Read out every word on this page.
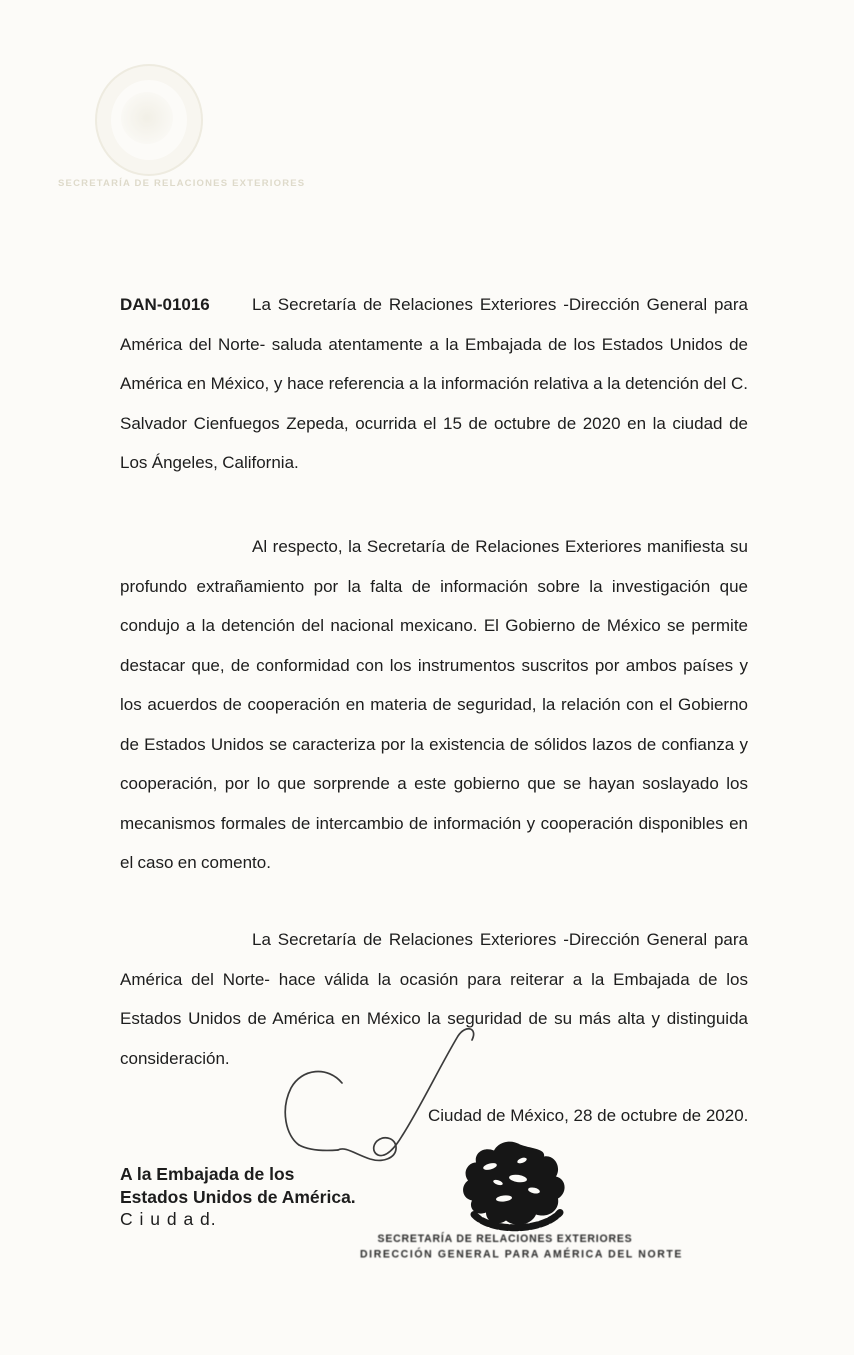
SECRETARÍA DE RELACIONES EXTERIORES

DAN-01016 La Secretaría de Relaciones Exteriores -Dirección General para América del Norte- saluda atentamente a la Embajada de los Estados Unidos de América en México, y hace referencia a la información relativa a la detención del C. Salvador Cienfuegos Zepeda, ocurrida el 15 de octubre de 2020 en la ciudad de Los Ángeles, California.

Al respecto, la Secretaría de Relaciones Exteriores manifiesta su profundo extrañamiento por la falta de información sobre la investigación que condujo a la detención del nacional mexicano. El Gobierno de México se permite destacar que, de conformidad con los instrumentos suscritos por ambos países y los acuerdos de cooperación en materia de seguridad, la relación con el Gobierno de Estados Unidos se caracteriza por la existencia de sólidos lazos de confianza y cooperación, por lo que sorprende a este gobierno que se hayan soslayado los mecanismos formales de intercambio de información y cooperación disponibles en el caso en comento.

La Secretaría de Relaciones Exteriores -Dirección General para América del Norte- hace válida la ocasión para reiterar a la Embajada de los Estados Unidos de América en México la seguridad de su más alta y distinguida consideración.

Ciudad de México, 28 de octubre de 2020.
A la Embajada de los
Estados Unidos de América.
C i u d a d.
SECRETARÍA DE RELACIONES EXTERIORES
DIRECCIÓN GENERAL PARA AMÉRICA DEL NORTE
